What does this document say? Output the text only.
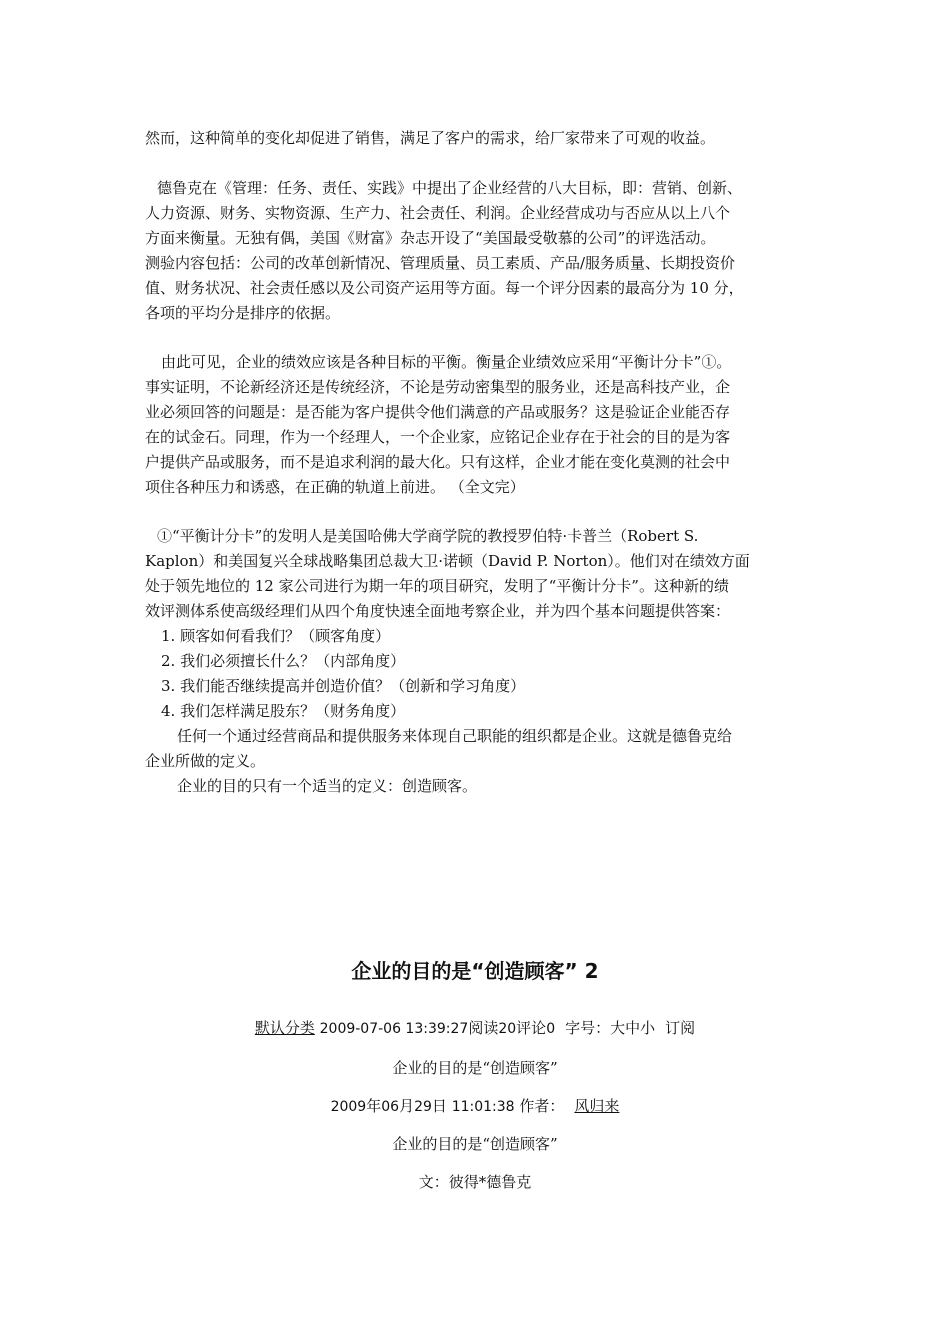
然而，这种简单的变化却促进了销售，满足了客户的需求，给厂家带来了可观的收益。

德鲁克在《管理：任务、责任、实践》中提出了企业经营的八大目标，即：营销、创新、

人力资源、财务、实物资源、生产力、社会责任、利润。企业经营成功与否应从以上八个

方面来衡量。无独有偶，美国《财富》杂志开设了“美国最受敬慕的公司”的评选活动。

测验内容包括：公司的改革创新情况、管理质量、员工素质、产品/服务质量、长期投资价

值、财务状况、社会责任感以及公司资产运用等方面。每一个评分因素的最高分为 10 分，

各项的平均分是排序的依据。

由此可见，企业的绩效应该是各种目标的平衡。衡量企业绩效应采用“平衡计分卡”①。

事实证明，不论新经济还是传统经济，不论是劳动密集型的服务业，还是高科技产业，企

业必须回答的问题是：是否能为客户提供令他们满意的产品或服务？这是验证企业能否存

在的试金石。同理，作为一个经理人，一个企业家，应铭记企业存在于社会的目的是为客

户提供产品或服务，而不是追求利润的最大化。只有这样，企业才能在变化莫测的社会中

项住各种压力和诱惑，在正确的轨道上前进。 （全文完）

①“平衡计分卡”的发明人是美国哈佛大学商学院的教授罗伯特·卡普兰（Robert S.

Kaplon）和美国复兴全球战略集团总裁大卫·诺顿（David P. Norton）。他们对在绩效方面

处于领先地位的 12 家公司进行为期一年的项目研究，发明了“平衡计分卡”。这种新的绩

效评测体系使高级经理们从四个角度快速全面地考察企业，并为四个基本问题提供答案：

1. 顾客如何看我们？（顾客角度）

2. 我们必须擅长什么？（内部角度）

3. 我们能否继续提高并创造价值？（创新和学习角度）

4. 我们怎样满足股东？（财务角度）

任何一个通过经营商品和提供服务来体现自己职能的组织都是企业。这就是德鲁克给

企业所做的定义。

企业的目的只有一个适当的定义：创造顾客。

企业的目的是“创造顾客” 2
默认分类 2009-07-06 13:39:27阅读20评论0 字号：大中小 订阅
企业的目的是“创造顾客”
2009年06月29日 11:01:38 作者： 风归来
企业的目的是“创造顾客”
文：彼得*德鲁克
